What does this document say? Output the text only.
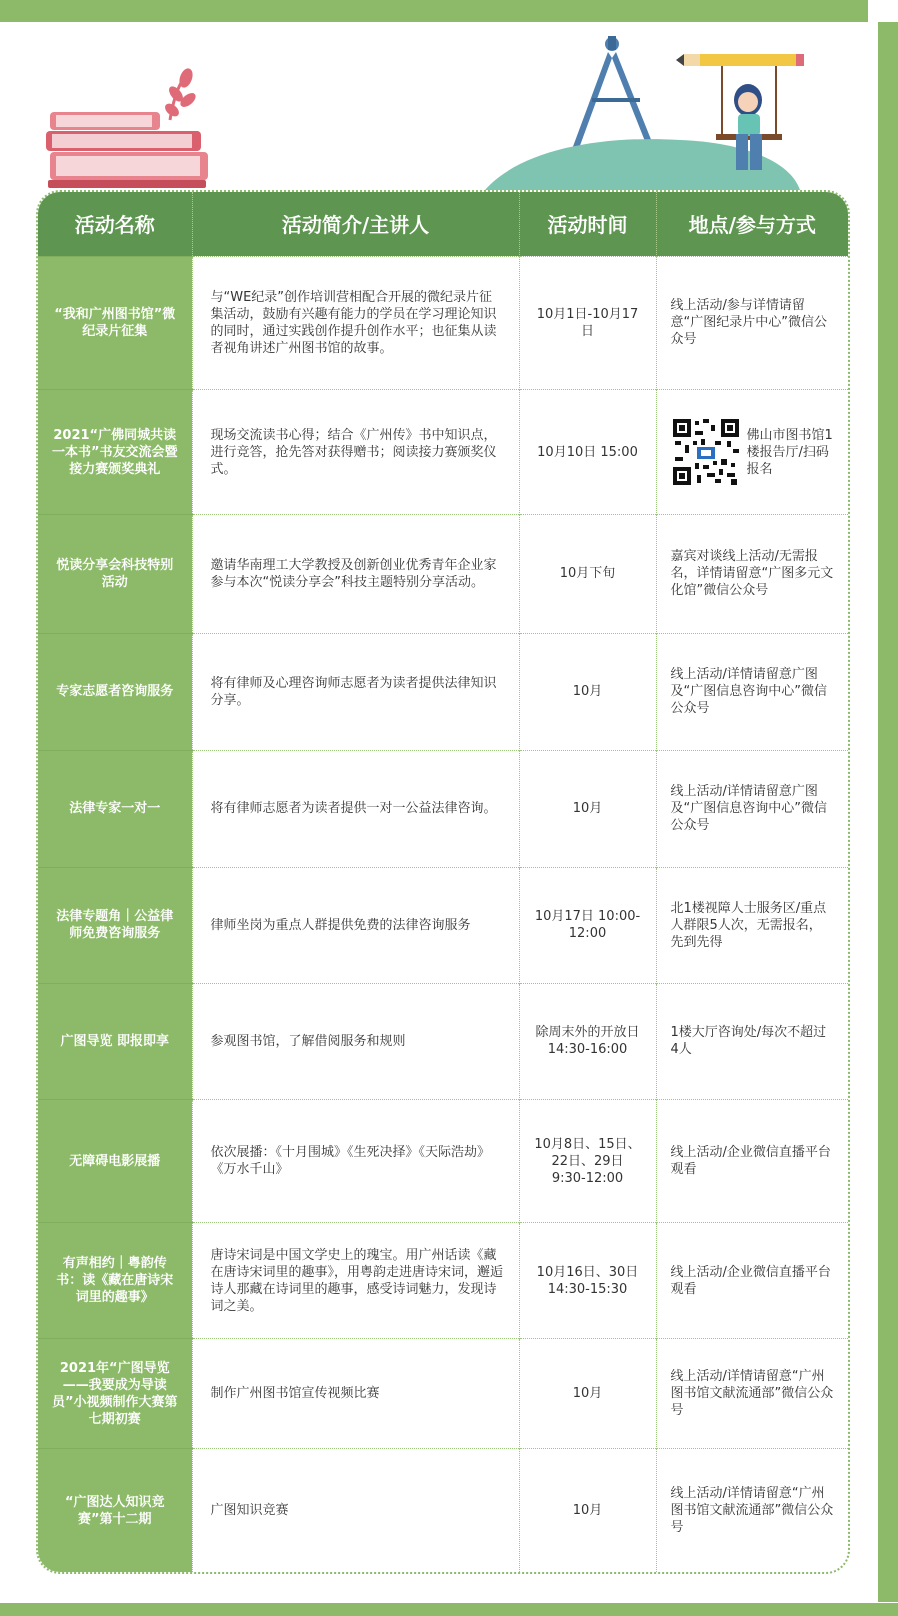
活动名称	活动简介/主讲人	活动时间	地点/参与方式
“我和广州图书馆”微纪录片征集	与“WE纪录”创作培训营相配合开展的微纪录片征集活动，鼓励有兴趣有能力的学员在学习理论知识的同时，通过实践创作提升创作水平；也征集从读者视角讲述广州图书馆的故事。	10月1日-10月17日	线上活动/参与详情请留意“广图纪录片中心”微信公众号
2021“广佛同城共读一本书”书友交流会暨接力赛颁奖典礼	现场交流读书心得；结合《广州传》书中知识点，进行竞答，抢先答对获得赠书；阅读接力赛颁奖仪式。	10月10日 15:00	佛山市图书馆1楼报告厅/扫码报名

悦读分享会科技特别活动	邀请华南理工大学教授及创新创业优秀青年企业家参与本次“悦读分享会”科技主题特别分享活动。	10月下旬	嘉宾对谈线上活动/无需报名，详情请留意“广图多元文化馆”微信公众号
专家志愿者咨询服务	将有律师及心理咨询师志愿者为读者提供法律知识分享。	10月	线上活动/详情请留意广图及“广图信息咨询中心”微信公众号
法律专家一对一	将有律师志愿者为读者提供一对一公益法律咨询。	10月	线上活动/详情请留意广图及“广图信息咨询中心”微信公众号
法律专题角｜公益律师免费咨询服务	律师坐岗为重点人群提供免费的法律咨询服务	10月17日 10:00-12:00	北1楼视障人士服务区/重点人群限5人次，无需报名，先到先得
广图导览 即报即享	参观图书馆，了解借阅服务和规则	除周末外的开放日 14:30-16:00	1楼大厅咨询处/每次不超过4人
无障碍电影展播	依次展播：《十月围城》《生死决择》《天际浩劫》《万水千山》	10月8日、15日、22日、29日 9:30-12:00	线上活动/企业微信直播平台观看
有声相约｜粤韵传书：读《藏在唐诗宋词里的趣事》	唐诗宋词是中国文学史上的瑰宝。用广州话读《藏在唐诗宋词里的趣事》，用粤韵走进唐诗宋词，邂逅诗人那藏在诗词里的趣事，感受诗词魅力，发现诗词之美。	10月16日、30日 14:30-15:30	线上活动/企业微信直播平台观看
2021年“广图导览——我要成为导读员”小视频制作大赛第七期初赛	制作广州图书馆宣传视频比赛	10月	线上活动/详情请留意“广州图书馆文献流通部”微信公众号
“广图达人知识竞赛”第十二期	广图知识竞赛	10月	线上活动/详情请留意“广州图书馆文献流通部”微信公众号
